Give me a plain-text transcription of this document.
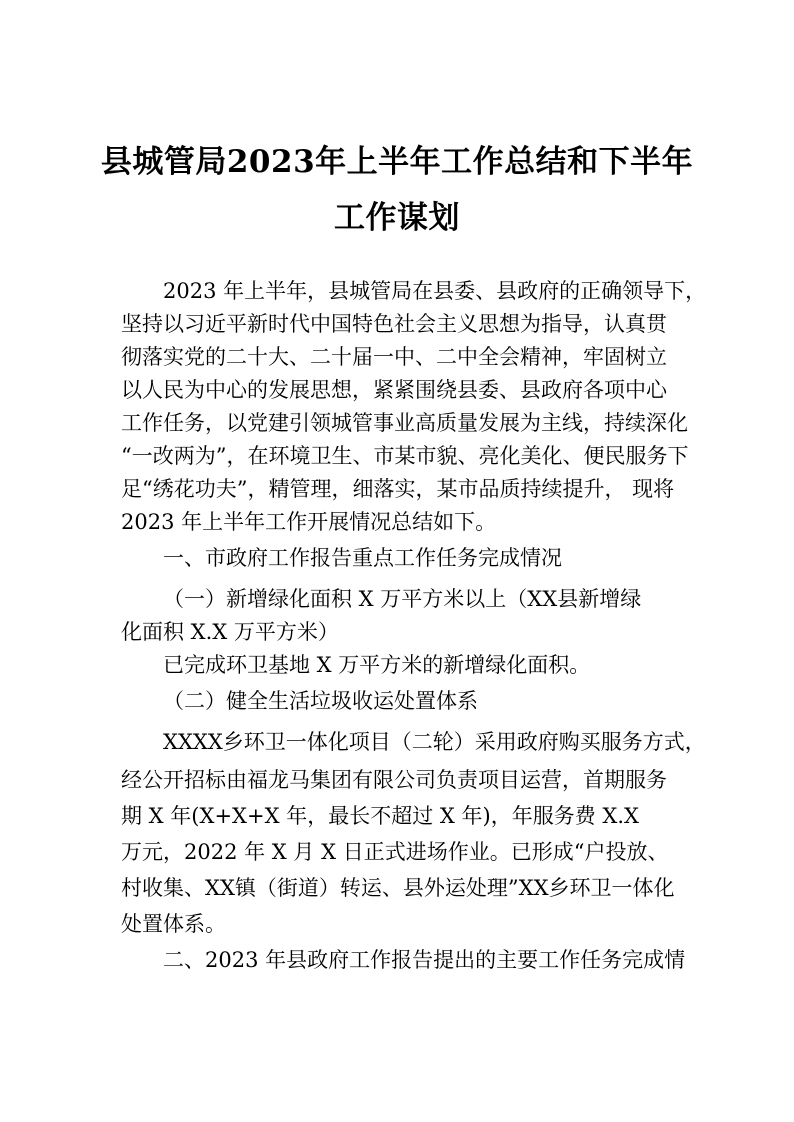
县城管局2023年上半年工作总结和下半年
工作谋划
2023 年上半年，县城管局在县委、县政府的正确领导下，
坚持以习近平新时代中国特色社会主义思想为指导，认真贯
彻落实党的二十大、二十届一中、二中全会精神，牢固树立
以人民为中心的发展思想，紧紧围绕县委、县政府各项中心
工作任务，以党建引领城管事业高质量发展为主线，持续深化
“一改两为”，在环境卫生、市某市貌、亮化美化、便民服务下
足“绣花功夫”，精管理，细落实，某市品质持续提升， 现将
2023 年上半年工作开展情况总结如下。
一、市政府工作报告重点工作任务完成情况
（一）新增绿化面积 X 万平方米以上（XX县新增绿
化面积 X.X 万平方米）
已完成环卫基地 X 万平方米的新增绿化面积。
（二）健全生活垃圾收运处置体系
XXXX乡环卫一体化项目（二轮）采用政府购买服务方式，
经公开招标由福龙马集团有限公司负责项目运营，首期服务
期 X 年(X+X+X 年，最长不超过 X 年)，年服务费 X.X
万元，2022 年 X 月 X 日正式进场作业。已形成“户投放、
村收集、XX镇（街道）转运、县外运处理”XX乡环卫一体化
处置体系。
二、2023 年县政府工作报告提出的主要工作任务完成情
